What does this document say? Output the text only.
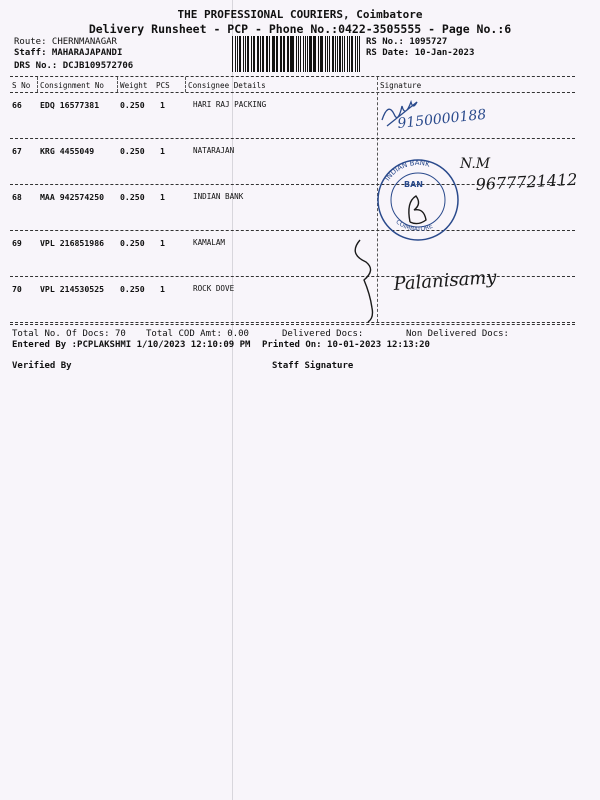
THE PROFESSIONAL COURIERS, Coimbatore
Delivery Runsheet - PCP - Phone No.:0422-3505555 - Page No.:6
Route: CHERNMANAGAR
Staff: MAHARAJAPANDI
DRS No.: DCJB109572706
RS No.: 1095727
RS Date: 10-Jan-2023
S No Consignment No Weight PCS Consignee Details	Signature
66 EDQ 16577381	0.250 1	HARI RAJ PACKING
67 KRG 4455049	0.250 1	NATARAJAN
68 MAA 942574250 0.250 1	INDIAN BANK
69 VPL 216851986 0.250 1	KAMALAM
70 VPL 214530525 0.250 1	ROCK DOVE
Total No. Of Docs: 70 Total COD Amt: 0.00	Delivered Docs:	Non Delivered Docs:
Entered By :PCPLAKSHMI 1/10/2023 12:10:09 PM Printed On: 10-01-2023 12:13:20
Verified By	Staff Signature
9150000188
INDIAN BANK
COIMBATORE
BAN
N.M
9677721412
Palanisamy
